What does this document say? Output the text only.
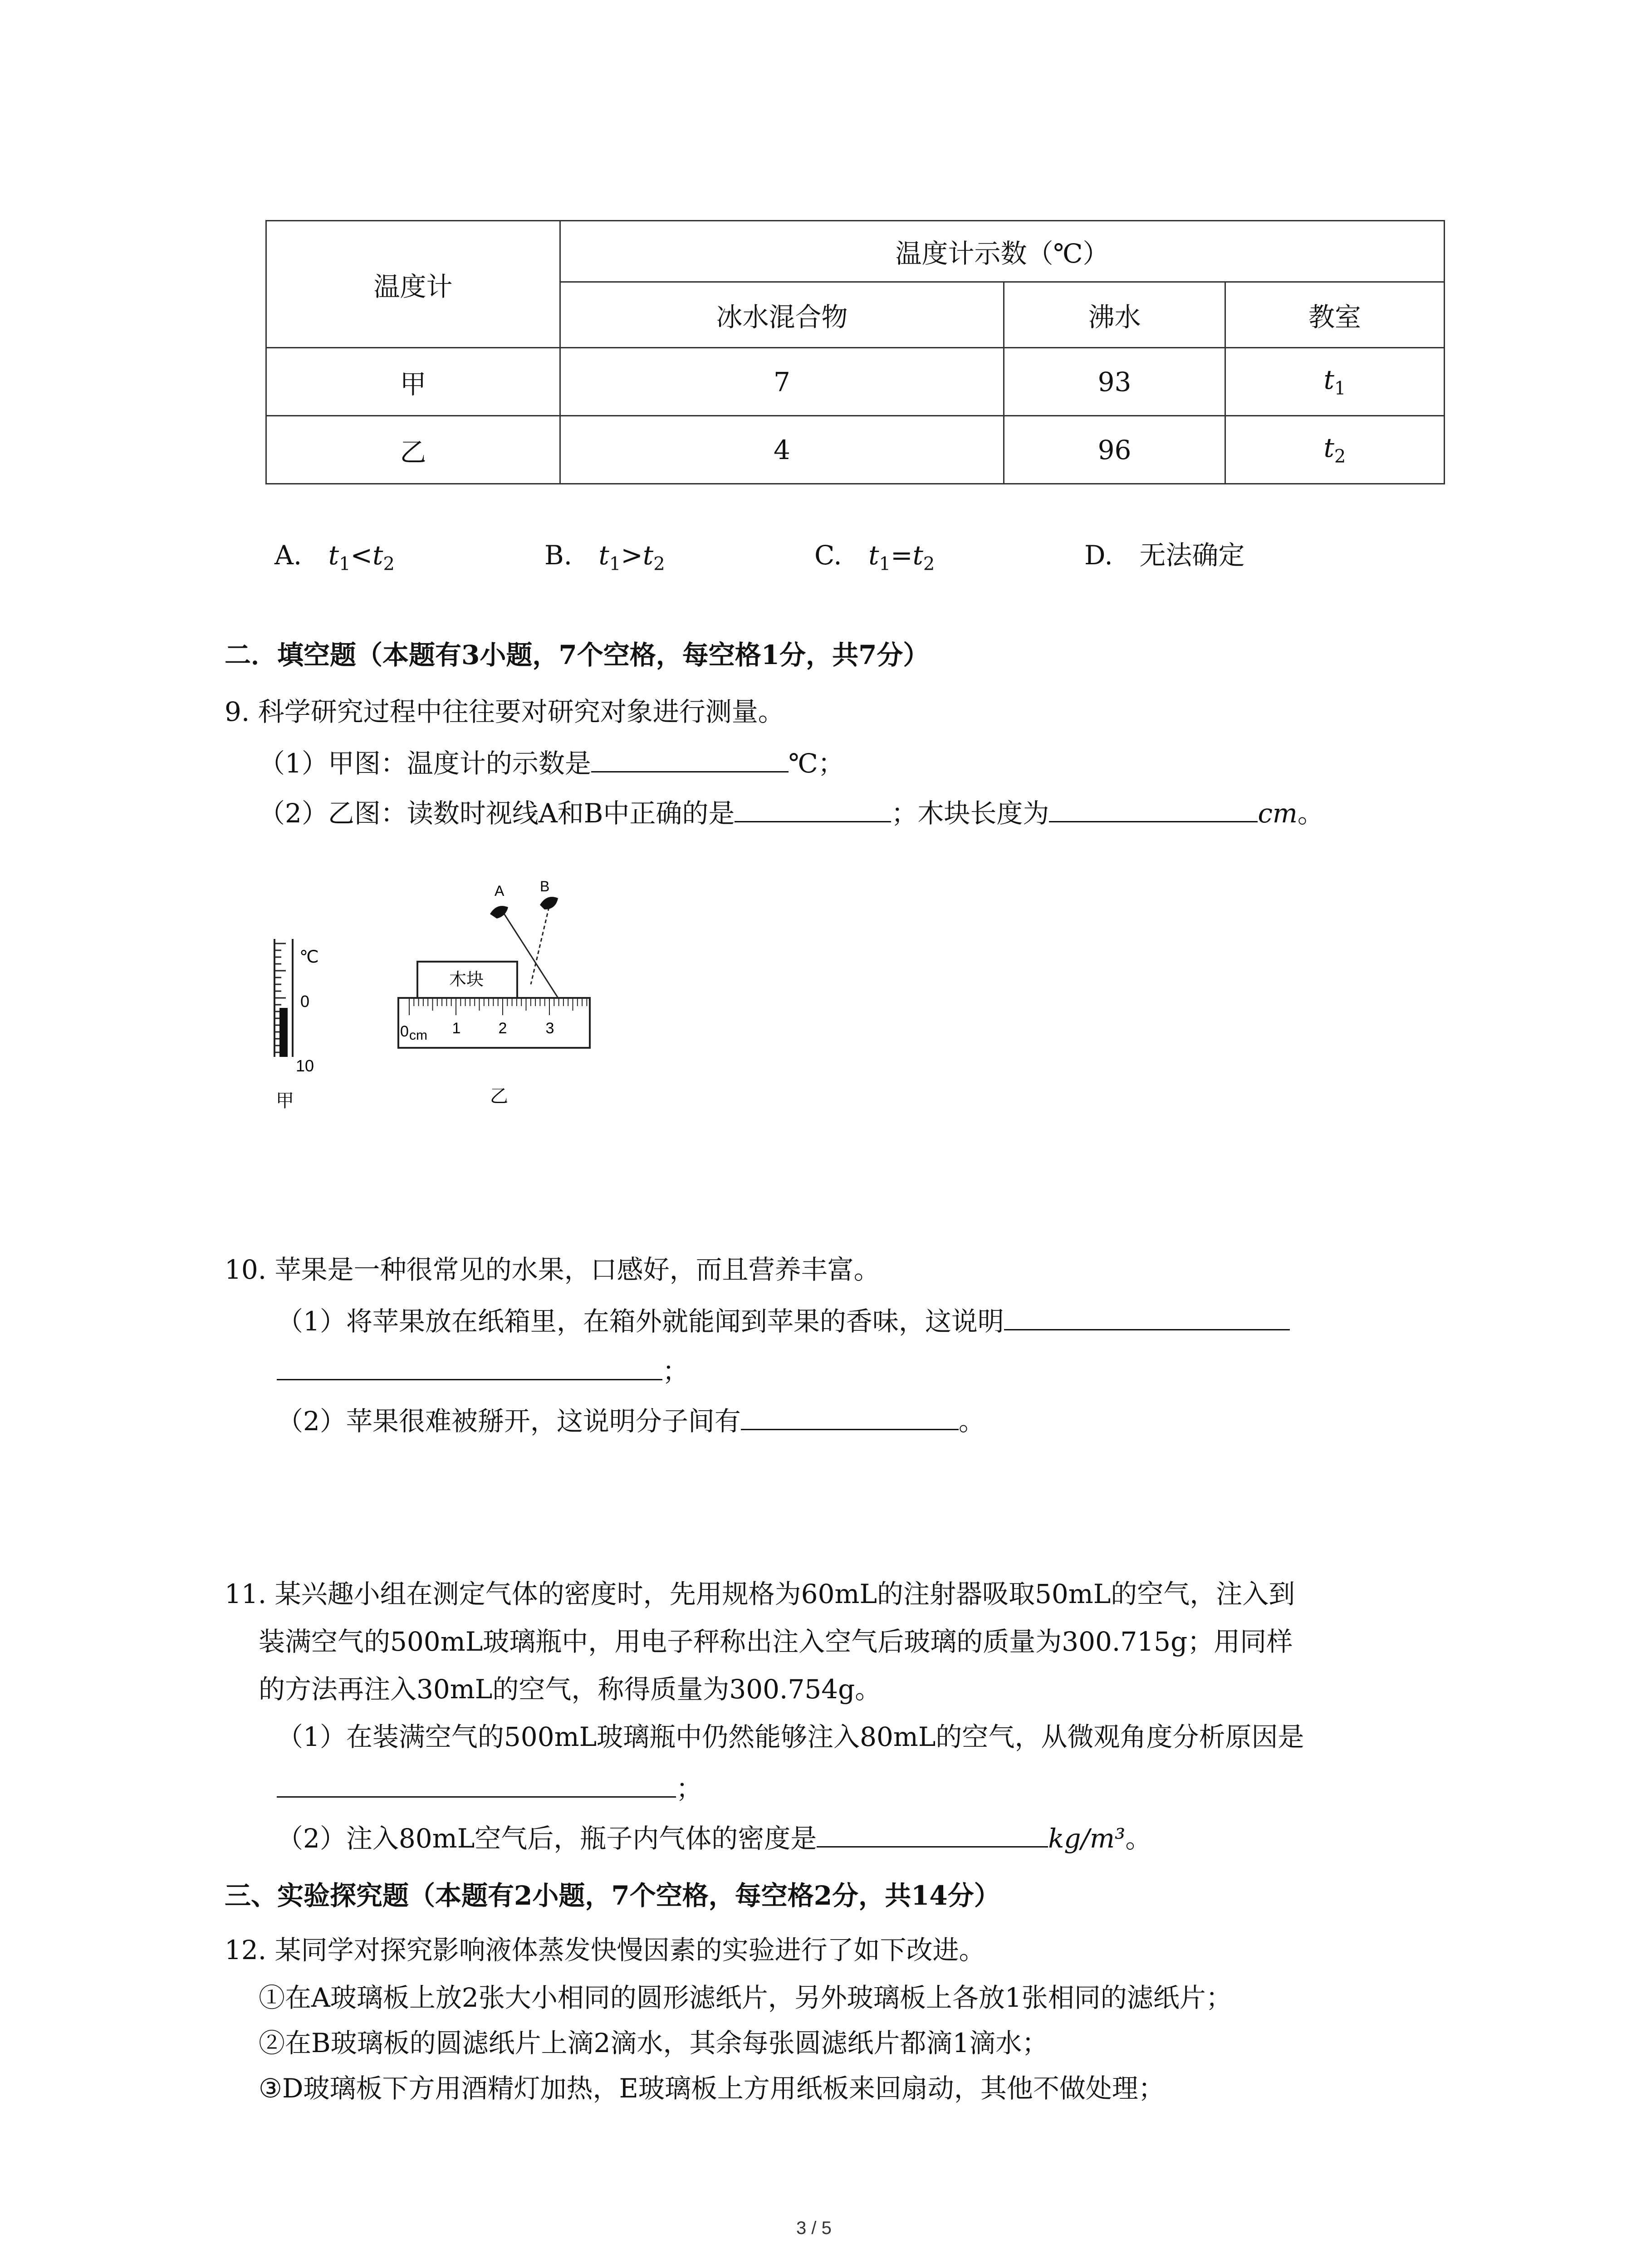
温度计	温度计示数（℃）		
	冰水混合物	沸水	教室
甲	7	93	$t_1$
乙	4	96	$t_2$
A. $t_1<t_2$	B. $t_1>t_2$	C. $t_1=t_2$	D. 无法确定
二．填空题（本题有3小题，7个空格，每空格1分，共7分）
9. 科学研究过程中往往要对研究对象进行测量。
（1）甲图：温度计的示数是	℃；
（2）乙图：读数时视线A和B中正确的是	；木块长度为	cm。
℃
0
10
甲
木块
0 cm 1 2	3
A B
乙
10. 苹果是一种很常见的水果，口感好，而且营养丰富。
（1）将苹果放在纸箱里，在箱外就能闻到苹果的香味，这说明
；
（2）苹果很难被掰开，这说明分子间有	。
11. 某兴趣小组在测定气体的密度时，先用规格为60mL的注射器吸取50mL的空气，注入到
装满空气的500mL玻璃瓶中，用电子秤称出注入空气后玻璃的质量为300.715g；用同样
的方法再注入30mL的空气，称得质量为300.754g。
（1）在装满空气的500mL玻璃瓶中仍然能够注入80mL的空气，从微观角度分析原因是
；
（2）注入80mL空气后，瓶子内气体的密度是	kg/m³。
三、实验探究题（本题有2小题，7个空格，每空格2分，共14分）
12. 某同学对探究影响液体蒸发快慢因素的实验进行了如下改进。
①在A玻璃板上放2张大小相同的圆形滤纸片，另外玻璃板上各放1张相同的滤纸片；
②在B玻璃板的圆滤纸片上滴2滴水，其余每张圆滤纸片都滴1滴水；
③D玻璃板下方用酒精灯加热，E玻璃板上方用纸板来回扇动，其他不做处理；
3 / 5
